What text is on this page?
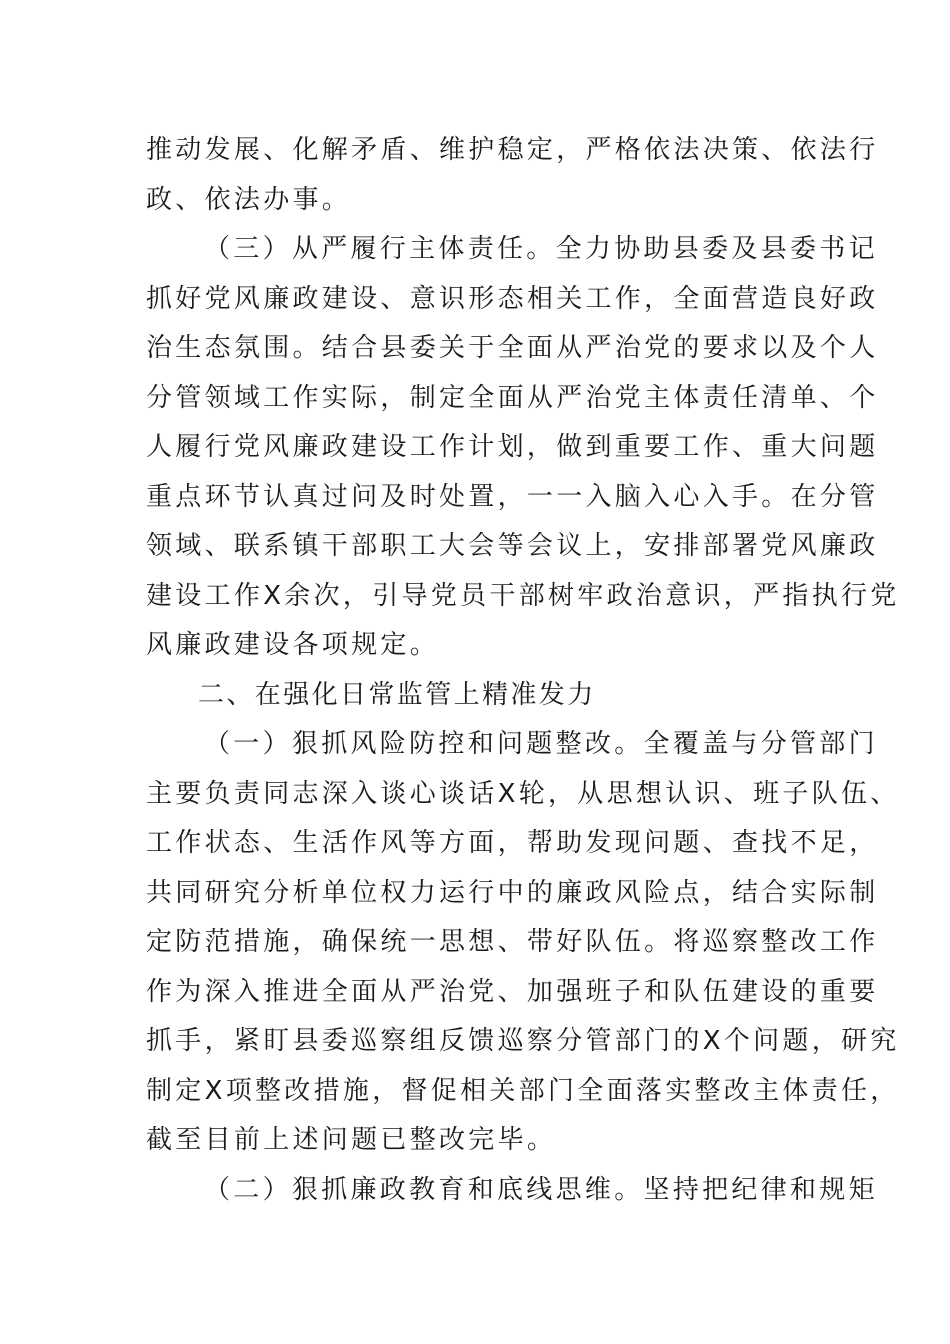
推动发展、化解矛盾、维护稳定，严格依法决策、依法行
政、依法办事。
（三）从严履行主体责任。全力协助县委及县委书记
抓好党风廉政建设、意识形态相关工作，全面营造良好政
治生态氛围。结合县委关于全面从严治党的要求以及个人
分管领域工作实际，制定全面从严治党主体责任清单、个
人履行党风廉政建设工作计划，做到重要工作、重大问题
重点环节认真过问及时处置，一一入脑入心入手。在分管
领域、联系镇干部职工大会等会议上，安排部署党风廉政
建设工作X余次，引导党员干部树牢政治意识，严指执行党
风廉政建设各项规定。
二、在强化日常监管上精准发力
（一）狠抓风险防控和问题整改。全覆盖与分管部门
主要负责同志深入谈心谈话X轮，从思想认识、班子队伍、
工作状态、生活作风等方面，帮助发现问题、查找不足，
共同研究分析单位权力运行中的廉政风险点，结合实际制
定防范措施，确保统一思想、带好队伍。将巡察整改工作
作为深入推进全面从严治党、加强班子和队伍建设的重要
抓手，紧盯县委巡察组反馈巡察分管部门的X个问题，研究
制定X项整改措施，督促相关部门全面落实整改主体责任，
截至目前上述问题已整改完毕。
（二）狠抓廉政教育和底线思维。坚持把纪律和规矩
